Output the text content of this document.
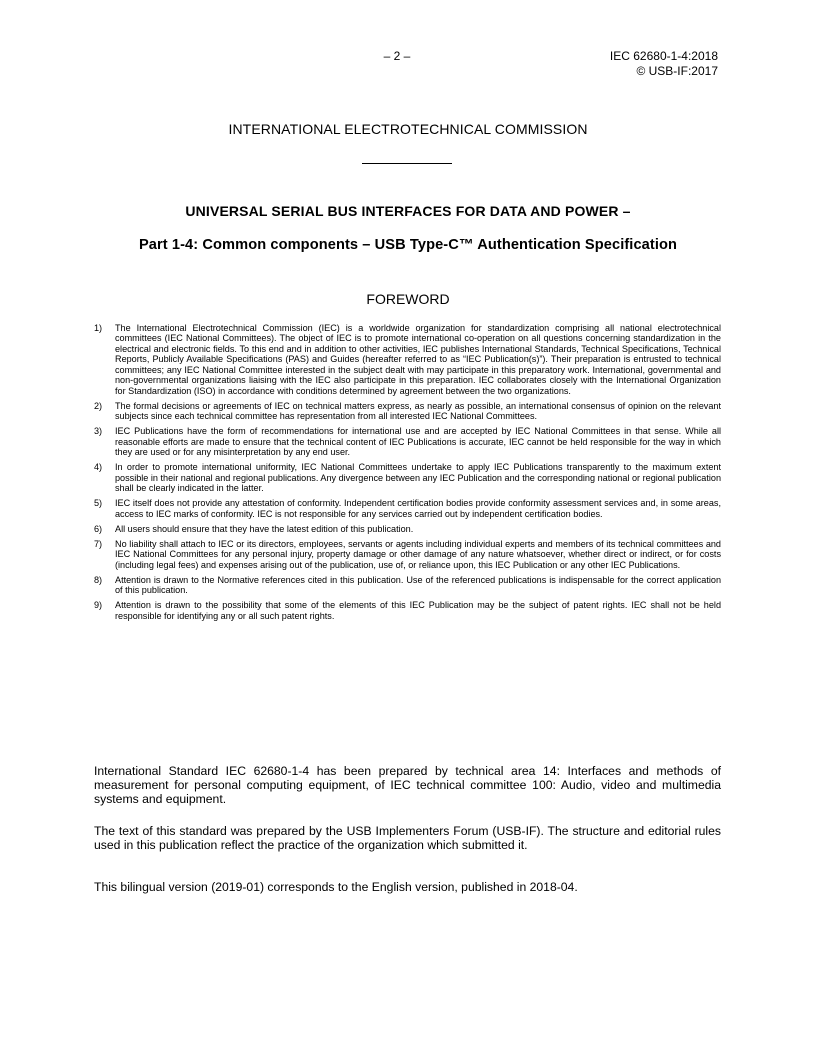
– 2 –	IEC 62680-1-4:2018
© USB-IF:2017
INTERNATIONAL ELECTROTECHNICAL COMMISSION
UNIVERSAL SERIAL BUS INTERFACES FOR DATA AND POWER –
Part 1-4: Common components – USB Type-C™ Authentication Specification
FOREWORD
1) The International Electrotechnical Commission (IEC) is a worldwide organization for standardization comprising all national electrotechnical committees (IEC National Committees). The object of IEC is to promote international co-operation on all questions concerning standardization in the electrical and electronic fields. To this end and in addition to other activities, IEC publishes International Standards, Technical Specifications, Technical Reports, Publicly Available Specifications (PAS) and Guides (hereafter referred to as “IEC Publication(s)”). Their preparation is entrusted to technical committees; any IEC National Committee interested in the subject dealt with may participate in this preparatory work. International, governmental and non-governmental organizations liaising with the IEC also participate in this preparation. IEC collaborates closely with the International Organization for Standardization (ISO) in accordance with conditions determined by agreement between the two organizations.
2) The formal decisions or agreements of IEC on technical matters express, as nearly as possible, an international consensus of opinion on the relevant subjects since each technical committee has representation from all interested IEC National Committees.
3) IEC Publications have the form of recommendations for international use and are accepted by IEC National Committees in that sense. While all reasonable efforts are made to ensure that the technical content of IEC Publications is accurate, IEC cannot be held responsible for the way in which they are used or for any misinterpretation by any end user.
4) In order to promote international uniformity, IEC National Committees undertake to apply IEC Publications transparently to the maximum extent possible in their national and regional publications. Any divergence between any IEC Publication and the corresponding national or regional publication shall be clearly indicated in the latter.
5) IEC itself does not provide any attestation of conformity. Independent certification bodies provide conformity assessment services and, in some areas, access to IEC marks of conformity. IEC is not responsible for any services carried out by independent certification bodies.
6) All users should ensure that they have the latest edition of this publication.
7) No liability shall attach to IEC or its directors, employees, servants or agents including individual experts and members of its technical committees and IEC National Committees for any personal injury, property damage or other damage of any nature whatsoever, whether direct or indirect, or for costs (including legal fees) and expenses arising out of the publication, use of, or reliance upon, this IEC Publication or any other IEC Publications.
8) Attention is drawn to the Normative references cited in this publication. Use of the referenced publications is indispensable for the correct application of this publication.
9) Attention is drawn to the possibility that some of the elements of this IEC Publication may be the subject of patent rights. IEC shall not be held responsible for identifying any or all such patent rights.
International Standard IEC 62680-1-4 has been prepared by technical area 14: Interfaces and methods of measurement for personal computing equipment, of IEC technical committee 100: Audio, video and multimedia systems and equipment.
The text of this standard was prepared by the USB Implementers Forum (USB-IF). The structure and editorial rules used in this publication reflect the practice of the organization which submitted it.
This bilingual version (2019-01) corresponds to the English version, published in 2018-04.
